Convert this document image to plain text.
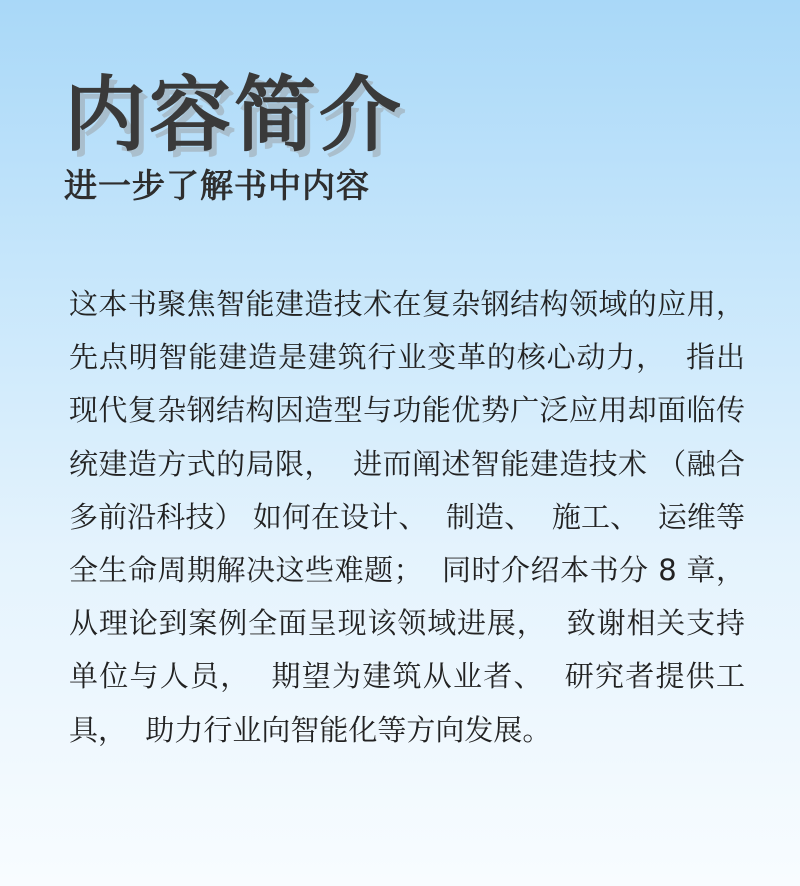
内容简介
进一步了解书中内容
这本书聚焦智能建造技术在复杂钢结构领域的应用，  先点明智能建造是建筑行业变革的核心动力，  指出现代复杂钢结构因造型与功能优势广泛应用却面临传统建造方式的局限，  进而阐述智能建造技术 （融合多前沿科技） 如何在设计、  制造、  施工、  运维等全生命周期解决这些难题；  同时介绍本书分 8 章，  从理论到案例全面呈现该领域进展，  致谢相关支持单位与人员，  期望为建筑从业者、  研究者提供工具，  助力行业向智能化等方向发展。
